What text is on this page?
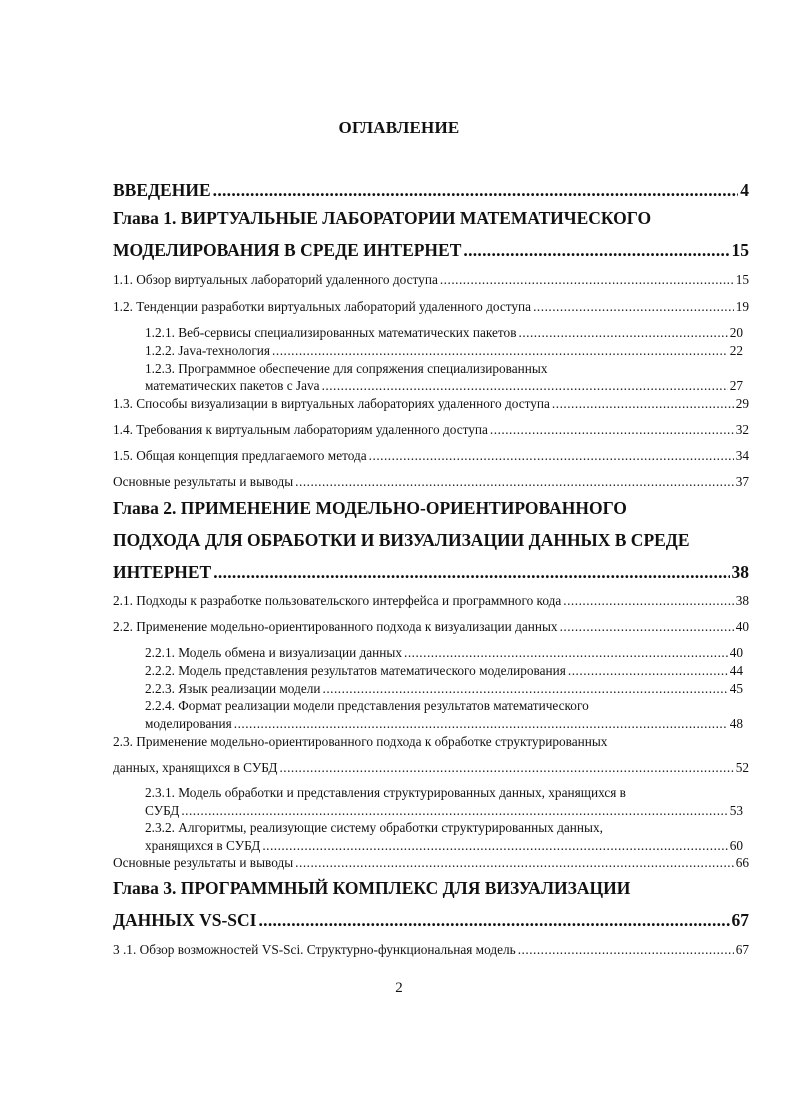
ОГЛАВЛЕНИЕ
ВВЕДЕНИЕ .....	4
Глава 1. ВИРТУАЛЬНЫЕ ЛАБОРАТОРИИ МАТЕМАТИЧЕСКОГО
МОДЕЛИРОВАНИЯ В СРЕДЕ ИНТЕРНЕТ .....	15
1.1. Обзор виртуальных лабораторий удаленного доступа .....	15
1.2. Тенденции разработки виртуальных лабораторий удаленного доступа .....	19
1.2.1. Веб-сервисы специализированных математических пакетов .....	20
1.2.2. Java-технология .....	22
1.2.3. Программное обеспечение для сопряжения специализированных
математических пакетов с Java .....	27
1.3. Способы визуализации в виртуальных лабораториях удаленного доступа .....	29
1.4. Требования к виртуальным лабораториям удаленного доступа .....	32
1.5. Общая концепция предлагаемого метода .....	34
Основные результаты и выводы .....	37
Глава 2. ПРИМЕНЕНИЕ МОДЕЛЬНО-ОРИЕНТИРОВАННОГО
ПОДХОДА ДЛЯ ОБРАБОТКИ И ВИЗУАЛИЗАЦИИ ДАННЫХ В СРЕДЕ
ИНТЕРНЕТ .....	38
2.1. Подходы к разработке пользовательского интерфейса и программного кода .....	38
2.2. Применение модельно-ориентированного подхода к визуализации данных .....	40
2.2.1. Модель обмена и визуализации данных .....	40
2.2.2. Модель представления результатов математического моделирования .....	44
2.2.3. Язык реализации модели .....	45
2.2.4. Формат реализации модели представления результатов математического
моделирования .....	48
2.3. Применение модельно-ориентированного подхода к обработке структурированных
данных, хранящихся в СУБД .....	52
2.3.1. Модель обработки и представления структурированных данных, хранящихся в
СУБД .....	53
2.3.2. Алгоритмы, реализующие систему обработки структурированных данных,
хранящихся в СУБД .....	60
Основные результаты и выводы .....	66
Глава 3. ПРОГРАММНЫЙ КОМПЛЕКС ДЛЯ ВИЗУАЛИЗАЦИИ
ДАННЫХ VS-SCI .....	67
3 .1. Обзор возможностей VS-Sci. Структурно-функциональная модель .....	67
2
